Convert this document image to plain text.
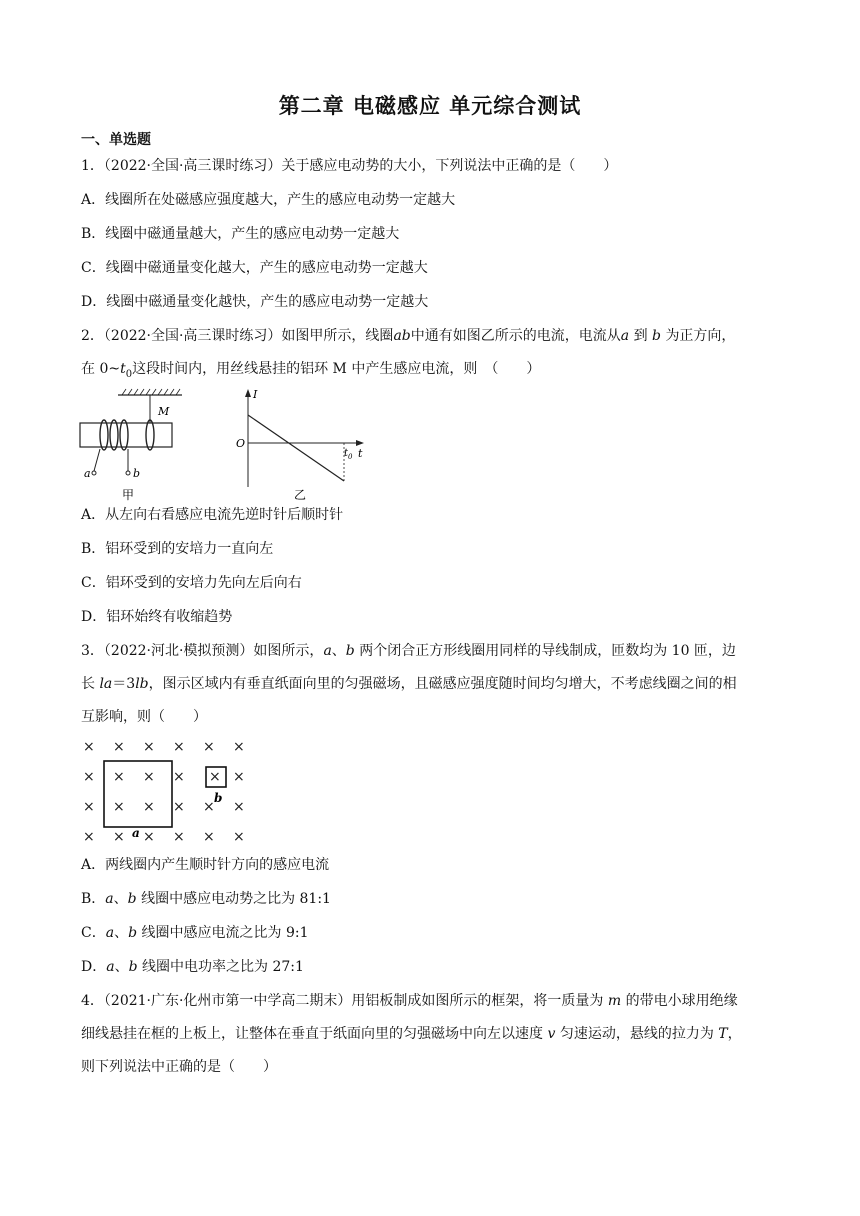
第二章 电磁感应 单元综合测试
一、单选题
1．（2022·全国·高三课时练习）关于感应电动势的大小，下列说法中正确的是（　　）
A．线圈所在处磁感应强度越大，产生的感应电动势一定越大
B．线圈中磁通量越大，产生的感应电动势一定越大
C．线圈中磁通量变化越大，产生的感应电动势一定越大
D．线圈中磁通量变化越快，产生的感应电动势一定越大
2．（2022·全国·高三课时练习）如图甲所示，线圈ab中通有如图乙所示的电流，电流从a 到 b 为正方向，
在 $0\sim t_0$这段时间内，用丝线悬挂的铝环 M 中产生感应电流，则　（　　）
M
a	b
甲
I
O
t
$t_0$
乙
A．从左向右看感应电流先逆时针后顺时针
B．铝环受到的安培力一直向左
C．铝环受到的安培力先向左后向右
D．铝环始终有收缩趋势
3．（2022·河北·模拟预测）如图所示，a、b 两个闭合正方形线圈用同样的导线制成，匝数均为 10 匝，边
长 la＝3lb，图示区域内有垂直纸面向里的匀强磁场，且磁感应强度随时间均匀增大，不考虑线圈之间的相
互影响，则（　　）
× × × × × ×
× × × × × ×
× × × × × ×
× × × × × ×
a
b
A．两线圈内产生顺时针方向的感应电流
B．a、b 线圈中感应电动势之比为 81:1
C．a、b 线圈中感应电流之比为 9:1
D．a、b 线圈中电功率之比为 27:1
4．（2021·广东·化州市第一中学高二期末）用铝板制成如图所示的框架，将一质量为 m 的带电小球用绝缘
细线悬挂在框的上板上，让整体在垂直于纸面向里的匀强磁场中向左以速度 v 匀速运动，悬线的拉力为 T，
则下列说法中正确的是（　　）
